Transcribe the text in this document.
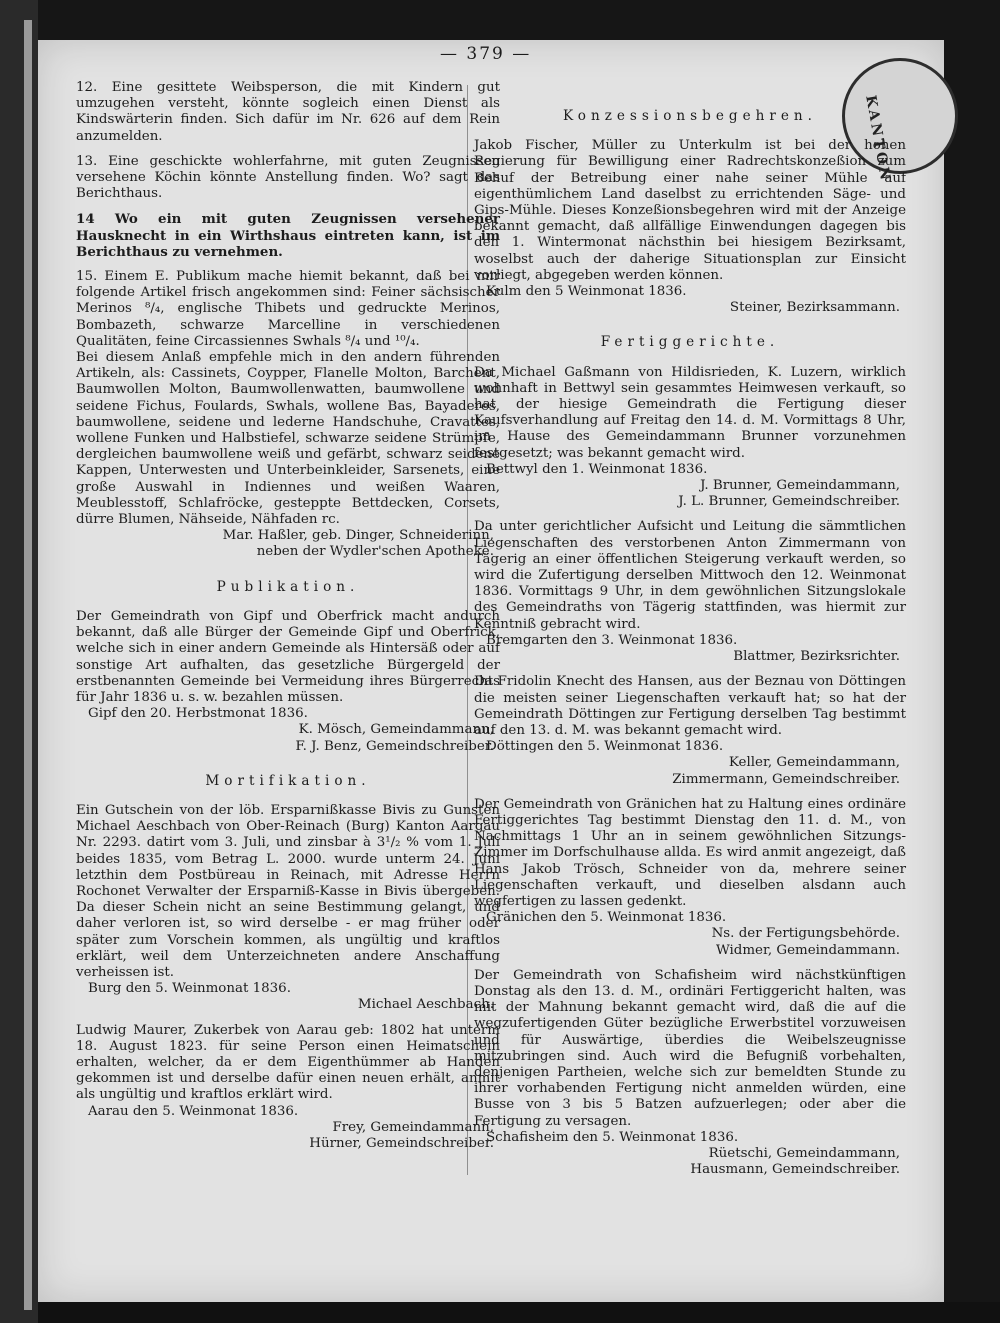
KANTON
— 379 —

12. Eine gesittete Weibsperson, die mit Kindern gut umzugehen versteht, könnte sogleich einen Dienst als Kindswärterin finden. Sich dafür im Nr. 626 auf dem Rein anzumelden.

13. Eine geschickte wohlerfahrne, mit guten Zeugnissen versehene Köchin könnte Anstellung finden. Wo? sagt das Berichthaus.

14 Wo ein mit guten Zeugnissen versehener Hausknecht in ein Wirthshaus eintreten kann, ist im Berichthaus zu vernehmen.

15. Einem E. Publikum mache hiemit bekannt, daß bei mir folgende Artikel frisch angekommen sind: Feiner sächsischer Merinos ⁸/₄, englische Thibets und gedruckte Merinos, Bombazeth, schwarze Marcelline in verschiedenen Qualitäten, feine Circassiennes Swhals ⁸/₄ und ¹⁰/₄.

Bei diesem Anlaß empfehle mich in den andern führenden Artikeln, als: Cassinets, Coypper, Flanelle Molton, Barchent, Baumwollen Molton, Baumwollenwatten, baumwollene und seidene Fichus, Foulards, Swhals, wollene Bas, Bayaderes, baumwollene, seidene und lederne Handschuhe, Cravattes, wollene Funken und Halbstiefel, schwarze seidene Strümpfe, dergleichen baumwollene weiß und gefärbt, schwarz seidene Kappen, Unterwesten und Unterbeinkleider, Sarsenets, eine große Auswahl in Indiennes und weißen Waaren, Meublesstoff, Schlafröcke, gesteppte Bettdecken, Corsets, dürre Blumen, Nähseide, Nähfaden rc.

Mar. Haßler, geb. Dinger, Schneiderinn,

neben der Wydler'schen Apotheke.

Publikation.

Der Gemeindrath von Gipf und Oberfrick macht andurch bekannt, daß alle Bürger der Gemeinde Gipf und Oberfrick, welche sich in einer andern Gemeinde als Hintersäß oder auf sonstige Art aufhalten, das gesetzliche Bürgergeld der erstbenannten Gemeinde bei Vermeidung ihres Bürgerrechts für Jahr 1836 u. s. w. bezahlen müssen.

Gipf den 20. Herbstmonat 1836.

K. Mösch, Gemeindammann,

F. J. Benz, Gemeindschreiber.

Mortifikation.

Ein Gutschein von der löb. Ersparnißkasse Bivis zu Gunsten Michael Aeschbach von Ober-Reinach (Burg) Kanton Aargau Nr. 2293. datirt vom 3. Juli, und zinsbar à 3¹/₂ % vom 1. Juli beides 1835, vom Betrag L. 2000. wurde unterm 24. Juni letzthin dem Postbüreau in Reinach, mit Adresse Herrn Rochonet Verwalter der Ersparniß-Kasse in Bivis übergeben. Da dieser Schein nicht an seine Bestimmung gelangt, und daher verloren ist, so wird derselbe - er mag früher oder später zum Vorschein kommen, als ungültig und kraftlos erklärt, weil dem Unterzeichneten andere Anschaffung verheissen ist.

Burg den 5. Weinmonat 1836.

Michael Aeschbach.

Ludwig Maurer, Zukerbek von Aarau geb: 1802 hat unterm 18. August 1823. für seine Person einen Heimatschein erhalten, welcher, da er dem Eigenthümmer ab Handen gekommen ist und derselbe dafür einen neuen erhält, anmit als ungültig und kraftlos erklärt wird.

Aarau den 5. Weinmonat 1836.

Frey, Gemeindammann,

Hürner, Gemeindschreiber.

Konzessionsbegehren.

Jakob Fischer, Müller zu Unterkulm ist bei der hohen Regierung für Bewilligung einer Radrechtskonzeßion zum Behuf der Betreibung einer nahe seiner Mühle auf eigenthümlichem Land daselbst zu errichtenden Säge- und Gips-Mühle. Dieses Konzeßionsbegehren wird mit der Anzeige bekannt gemacht, daß allfällige Einwendungen dagegen bis den 1. Wintermonat nächsthin bei hiesigem Bezirksamt, woselbst auch der daherige Situationsplan zur Einsicht vorliegt, abgegeben werden können.

Kulm den 5 Weinmonat 1836.

Steiner, Bezirksammann.

Fertiggerichte.

Da Michael Gaßmann von Hildisrieden, K. Luzern, wirklich wohnhaft in Bettwyl sein gesammtes Heimwesen verkauft, so hat der hiesige Gemeindrath die Fertigung dieser Kaufsverhandlung auf Freitag den 14. d. M. Vormittags 8 Uhr, im Hause des Gemeindammann Brunner vorzunehmen festgesetzt; was bekannt gemacht wird.

Bettwyl den 1. Weinmonat 1836.

J. Brunner, Gemeindammann,

J. L. Brunner, Gemeindschreiber.

Da unter gerichtlicher Aufsicht und Leitung die sämmtlichen Liegenschaften des verstorbenen Anton Zimmermann von Tägerig an einer öffentlichen Steigerung verkauft werden, so wird die Zufertigung derselben Mittwoch den 12. Weinmonat 1836. Vormittags 9 Uhr, in dem gewöhnlichen Sitzungslokale des Gemeindraths von Tägerig stattfinden, was hiermit zur Kenntniß gebracht wird.

Bremgarten den 3. Weinmonat 1836.

Blattmer, Bezirksrichter.

Da Fridolin Knecht des Hansen, aus der Beznau von Döttingen die meisten seiner Liegenschaften verkauft hat; so hat der Gemeindrath Döttingen zur Fertigung derselben Tag bestimmt auf den 13. d. M. was bekannt gemacht wird.

Döttingen den 5. Weinmonat 1836.

Keller, Gemeindammann,

Zimmermann, Gemeindschreiber.

Der Gemeindrath von Gränichen hat zu Haltung eines ordinäre Fertiggerichtes Tag bestimmt Dienstag den 11. d. M., von Nachmittags 1 Uhr an in seinem gewöhnlichen Sitzungs-Zimmer im Dorfschulhause allda. Es wird anmit angezeigt, daß Hans Jakob Trösch, Schneider von da, mehrere seiner Liegenschaften verkauft, und dieselben alsdann auch wegfertigen zu lassen gedenkt.

Gränichen den 5. Weinmonat 1836.

Ns. der Fertigungsbehörde.

Widmer, Gemeindammann.

Der Gemeindrath von Schafisheim wird nächstkünftigen Donstag als den 13. d. M., ordinäri Fertiggericht halten, was mit der Mahnung bekannt gemacht wird, daß die auf die wegzufertigenden Güter bezügliche Erwerbstitel vorzuweisen und für Auswärtige, überdies die Weibelszeugnisse mitzubringen sind. Auch wird die Befugniß vorbehalten, denjenigen Partheien, welche sich zur bemeldten Stunde zu ihrer vorhabenden Fertigung nicht anmelden würden, eine Busse von 3 bis 5 Batzen aufzuerlegen; oder aber die Fertigung zu versagen.

Schafisheim den 5. Weinmonat 1836.

Rüetschi, Gemeindammann,

Hausmann, Gemeindschreiber.
